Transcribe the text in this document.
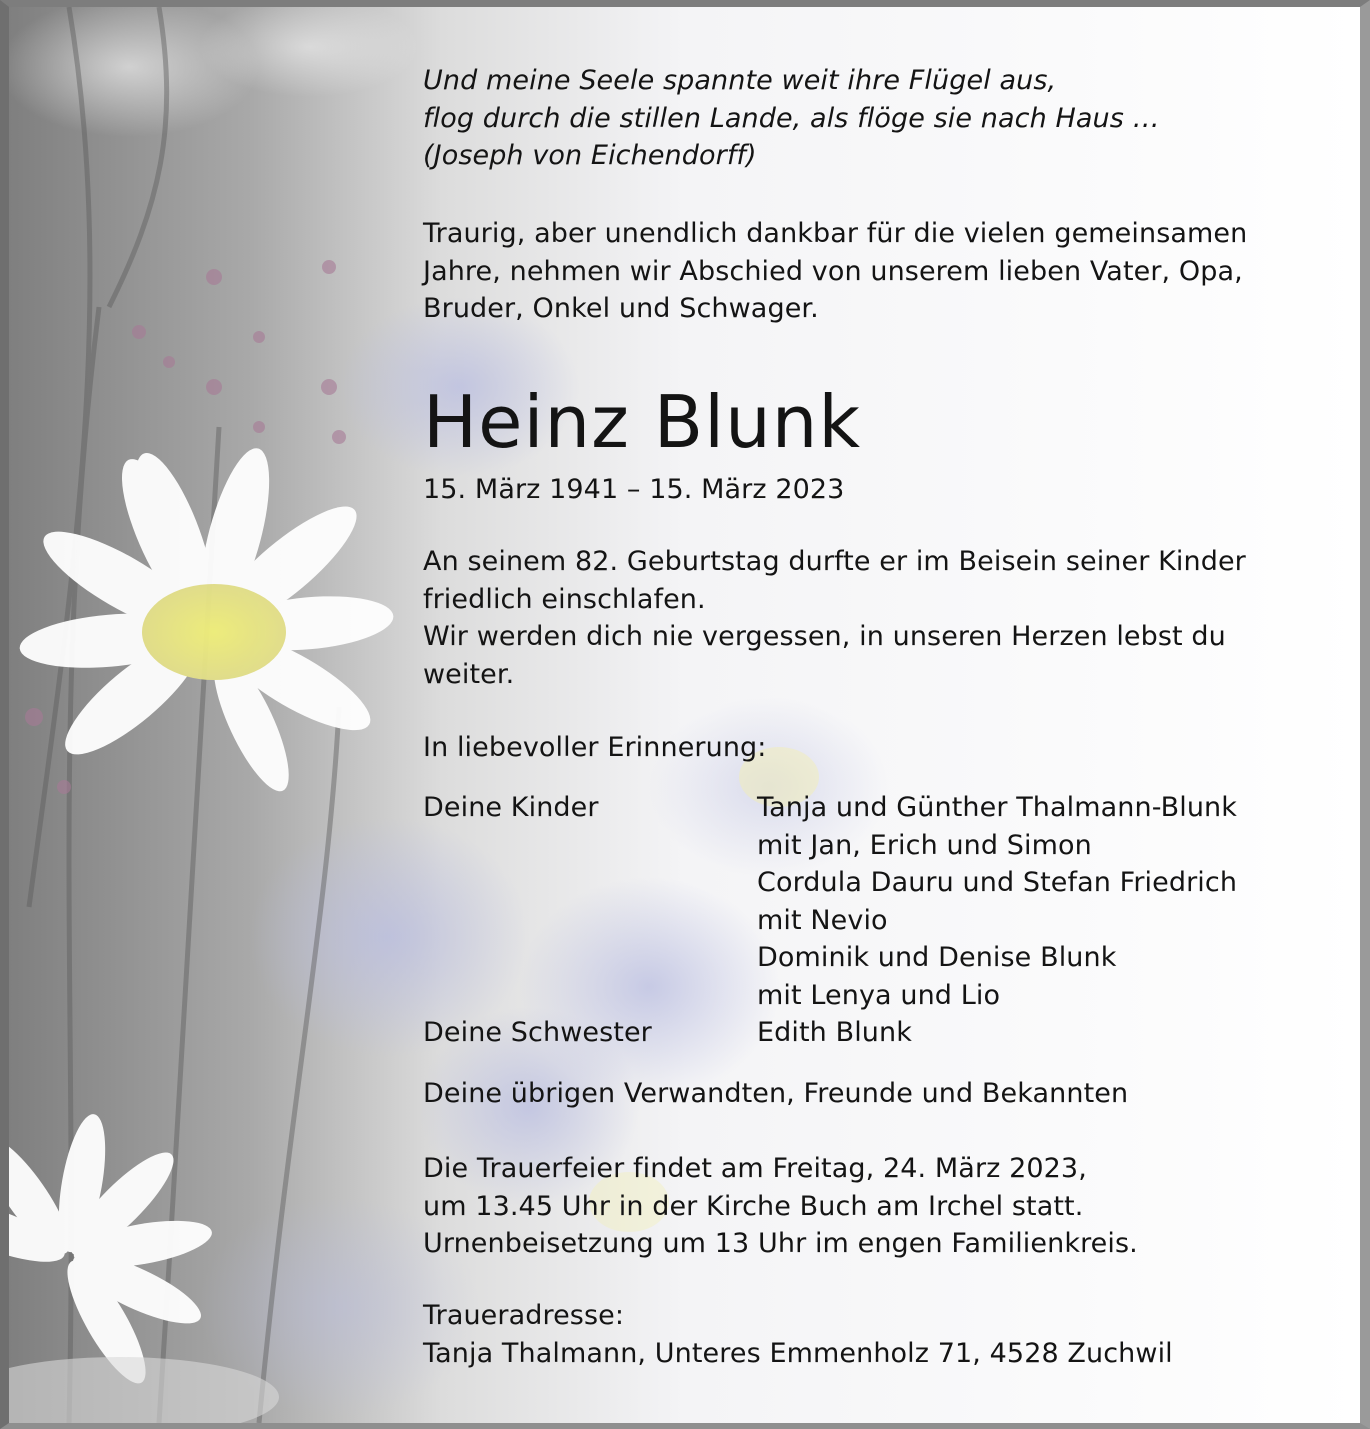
Und meine Seele spannte weit ihre Flügel aus,
flog durch die stillen Lande, als flöge sie nach Haus …
(Joseph von Eichendorff)
Traurig, aber unendlich dankbar für die vielen gemeinsamen
Jahre, nehmen wir Abschied von unserem lieben Vater, Opa,
Bruder, Onkel und Schwager.
Heinz Blunk
15. März 1941 – 15. März 2023
An seinem 82. Geburtstag durfte er im Beisein seiner Kinder
friedlich einschlafen.
Wir werden dich nie vergessen, in unseren Herzen lebst du
weiter.
In liebevoller Erinnerung:
Deine Kinder	Tanja und Günther Thalmann-Blunk
mit Jan, Erich und Simon
Cordula Dauru und Stefan Friedrich
mit Nevio
Dominik und Denise Blunk
mit Lenya und Lio
Deine Schwester	Edith Blunk
Deine übrigen Verwandten, Freunde und Bekannten
Die Trauerfeier findet am Freitag, 24. März 2023,
um 13.45 Uhr in der Kirche Buch am Irchel statt.
Urnenbeisetzung um 13 Uhr im engen Familienkreis.
Traueradresse:
Tanja Thalmann, Unteres Emmenholz 71, 4528 Zuchwil
